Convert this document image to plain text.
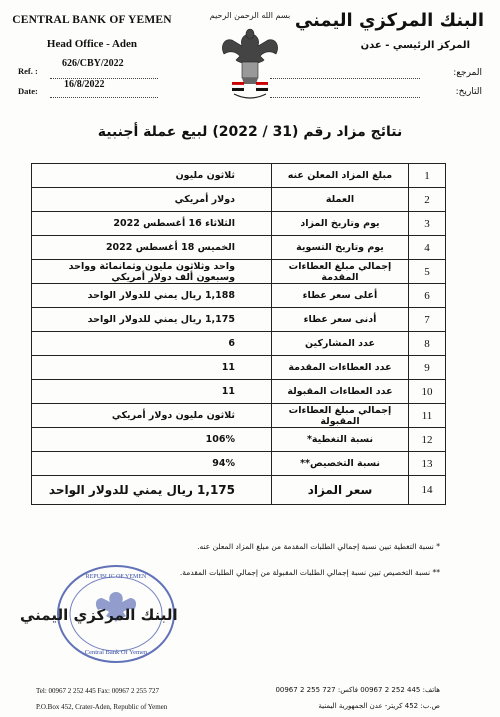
CENTRAL BANK OF YEMEN
Head Office - Aden
Ref. :
626/CBY/2022
Date:
16/8/2022
بسم الله الرحمن الرحيم البنك المركزي اليمني
المركز الرئيسي - عدن
المرجع:
التاريخ:
نتائج مزاد رقم (31 / 2022) لبيع عملة أجنبية
1	مبلغ المزاد المعلن عنه	ثلاثون مليون
2	العملة	دولار أمريكي
3	يوم وتاريخ المزاد	الثلاثاء 16 أغسطس 2022
4	يوم وتاريخ التسوية	الخميس 18 أغسطس 2022
5	إجمالي مبلغ العطاءات المقدمة	واحد وثلاثون مليون وثمانمائة وواحد وسبعون ألف دولار أمريكي
6	أعلى سعر عطاء	1,188 ريال يمني للدولار الواحد
7	أدنى سعر عطاء	1,175 ريال يمني للدولار الواحد
8	عدد المشاركين	6
9	عدد العطاءات المقدمة	11
10	عدد العطاءات المقبولة	11
11	إجمالي مبلغ العطاءات المقبولة	ثلاثون مليون دولار أمريكي
12	نسبة التغطية*	106%
13	نسبة التخصيص**	94%
14	سعر المزاد	1,175 ريال يمني للدولار الواحد
* نسبة التغطية تبين نسبة إجمالي الطلبات المقدمة من مبلغ المزاد المعلن عنه.
** نسبة التخصيص تبين نسبة إجمالي الطلبات المقبولة من إجمالي الطلبات المقدمة.
REPUBLIC OF YEMEN
Central Bank Of Yemen
البنك المركزي اليمني
Tel: 00967 2 252 445 Fax: 00967 2 255 727
P.O.Box 452, Crater-Aden, Republic of Yemen
هاتف: 445 252 2 00967 فاكس: 727 255 2 00967
ص.ب: 452 كريتر- عدن الجمهورية اليمنية
